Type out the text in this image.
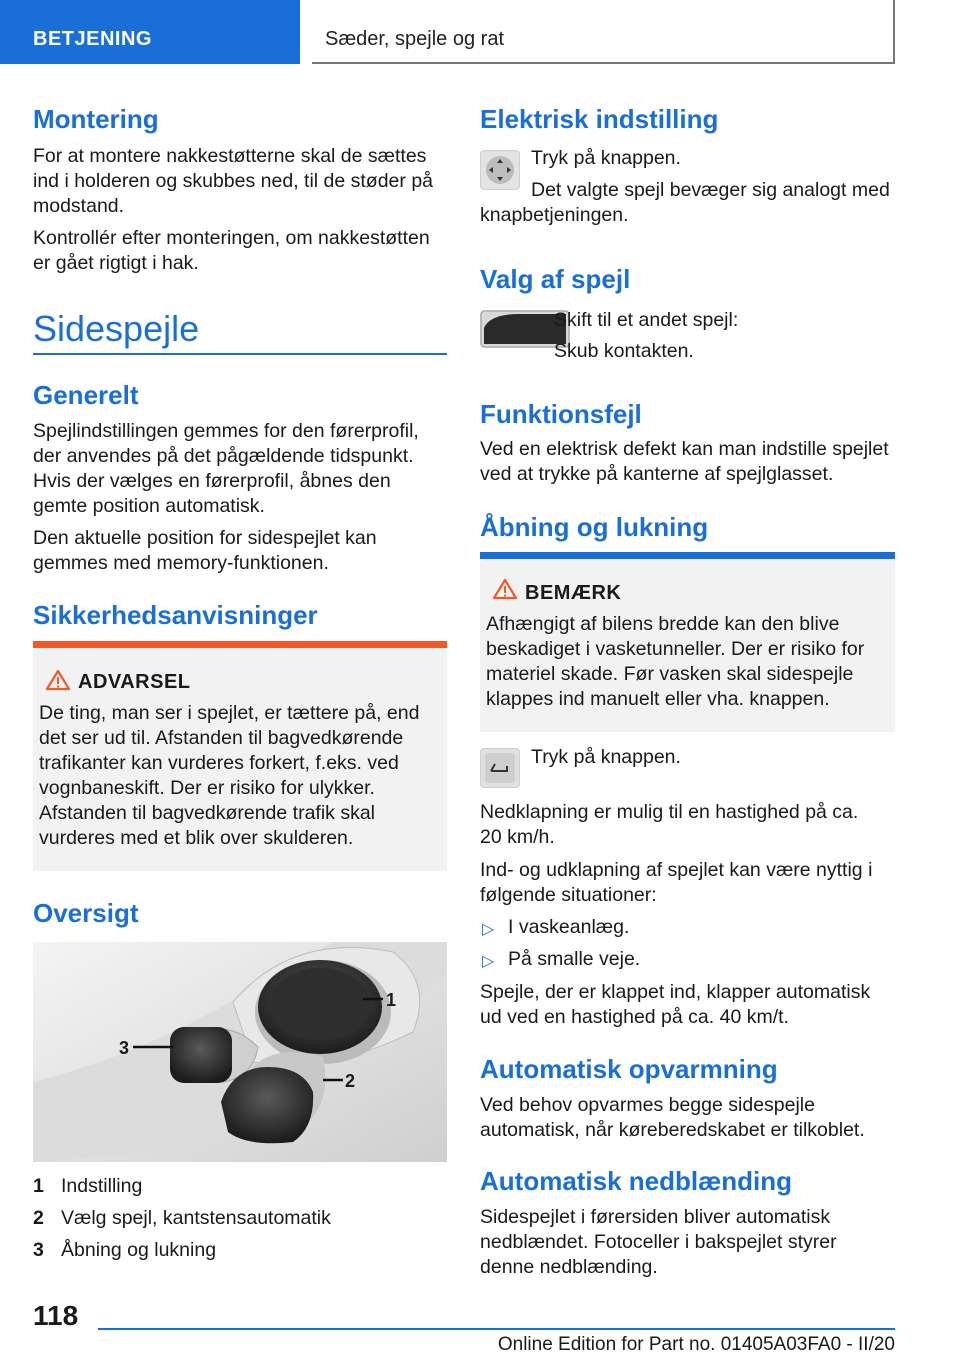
BETJENING	Sæder, spejle og rat
Montering

For at montere nakkestøtterne skal de sættes ind i holderen og skubbes ned, til de støder på modstand.

Kontrollér efter monteringen, om nakkestøtten er gået rigtigt i hak.

Sidespejle
Generelt

Spejlindstillingen gemmes for den førerprofil, der anvendes på det pågældende tidspunkt. Hvis der vælges en førerprofil, åbnes den gemte position automatisk.

Den aktuelle position for sidespejlet kan gemmes med memory-funktionen.

Sikkerhedsanvisninger
ADVARSEL

De ting, man ser i spejlet, er tættere på, end det ser ud til. Afstanden til bagvedkørende trafikanter kan vurderes forkert, f.eks. ved vognbaneskift. Der er risiko for ulykker. Afstanden til bagvedkørende trafik skal vurderes med et blik over skulderen.

Oversigt
1
2
3
1 Indstilling
2 Vælg spejl, kantstensautomatik
3 Åbning og lukning
Elektrisk indstilling

Tryk på knappen.

Det valgte spejl bevæger sig analogt med knapbetjeningen.

Valg af spejl

Skift til et andet spejl:

Skub kontakten.

Funktionsfejl

Ved en elektrisk defekt kan man indstille spejlet ved at trykke på kanterne af spejlglasset.

Åbning og lukning
BEMÆRK

Afhængigt af bilens bredde kan den blive beskadiget i vasketunneller. Der er risiko for materiel skade. Før vasken skal sidespejle klappes ind manuelt eller vha. knappen.

Tryk på knappen.

Nedklapning er mulig til en hastighed på ca. 20 km/h.

Ind- og udklapning af spejlet kan være nyttig i følgende situationer:

▷ I vaskeanlæg.
▷ På smalle veje.

Spejle, der er klappet ind, klapper automatisk ud ved en hastighed på ca. 40 km/t.

Automatisk opvarmning

Ved behov opvarmes begge sidespejle automatisk, når køreberedskabet er tilkoblet.

Automatisk nedblænding

Sidespejlet i førersiden bliver automatisk nedblændet. Fotoceller i bakspejlet styrer denne nedblænding.

118
Online Edition for Part no. 01405A03FA0 - II/20
